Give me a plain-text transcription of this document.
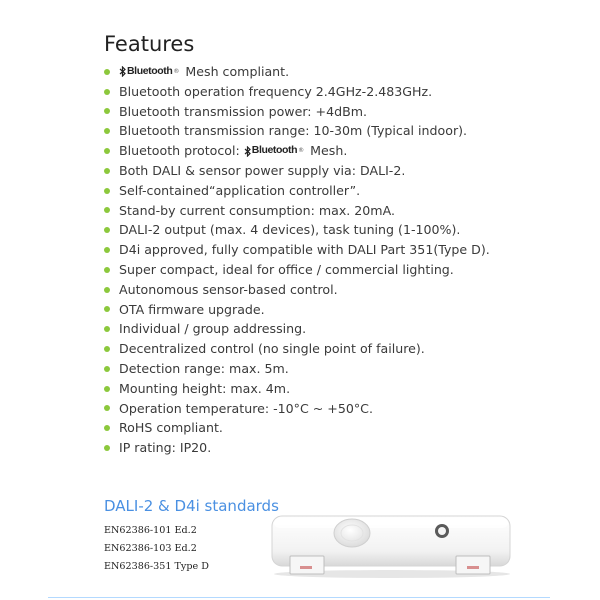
Features
Bluetooth ® Mesh compliant.
Bluetooth operation frequency 2.4GHz-2.483GHz.
Bluetooth transmission power: +4dBm.
Bluetooth transmission range: 10-30m (Typical indoor).
Bluetooth protocol: Bluetooth ® Mesh.
Both DALI & sensor power supply via: DALI-2.
Self-contained“application controller”.
Stand-by current consumption: max. 20mA.
DALI-2 output (max. 4 devices), task tuning (1-100%).
D4i approved, fully compatible with DALI Part 351(Type D).
Super compact, ideal for office / commercial lighting.
Autonomous sensor-based control.
OTA firmware upgrade.
Individual / group addressing.
Decentralized control (no single point of failure).
Detection range: max. 5m.
Mounting height: max. 4m.
Operation temperature: -10°C ~ +50°C.
RoHS compliant.
IP rating: IP20.
DALI-2 & D4i standards
EN62386-101 Ed.2
EN62386-103 Ed.2
EN62386-351 Type D
